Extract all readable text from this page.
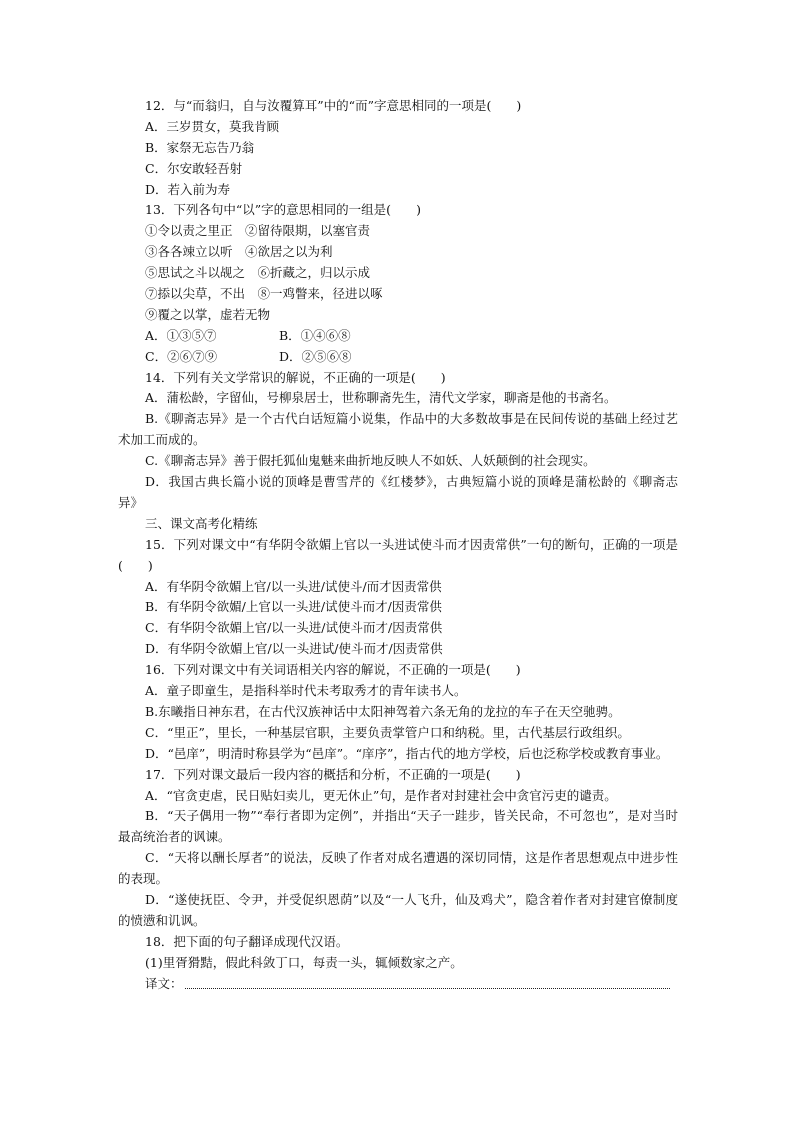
12．与“而翁归，自与汝覆算耳”中的“而”字意思相同的一项是(　　)
A．三岁贯女，莫我肯顾
B．家祭无忘告乃翁
C．尔安敢轻吾射
D．若入前为寿
13．下列各句中“以”字的意思相同的一组是(　　)
①令以责之里正　②留待限期，以塞官责
③各各竦立以听　④欲居之以为利
⑤思试之斗以觇之　⑥折藏之，归以示成
⑦掭以尖草，不出　⑧一鸡瞥来，径进以啄
⑨覆之以掌，虚若无物
A．①③⑤⑦	B．①④⑥⑧
C．②⑥⑦⑨	D．②⑤⑥⑧
14．下列有关文学常识的解说，不正确的一项是(　　)
A．蒲松龄，字留仙，号柳泉居士，世称聊斋先生，清代文学家，聊斋是他的书斋名。
B.《聊斋志异》是一个古代白话短篇小说集，作品中的大多数故事是在民间传说的基础上经过艺术加工而成的。
C.《聊斋志异》善于假托狐仙鬼魅来曲折地反映人不如妖、人妖颠倒的社会现实。
D．我国古典长篇小说的顶峰是曹雪芹的《红楼梦》，古典短篇小说的顶峰是蒲松龄的《聊斋志异》
三、课文高考化精练
15．下列对课文中“有华阴令欲媚上官以一头进试使斗而才因责常供”一句的断句，正确的一项是(　　)
A．有华阴令欲媚上官/以一头进/试使斗/而才因责常供
B．有华阴令欲媚/上官以一头进/试使斗而才/因责常供
C．有华阴令欲媚上官/以一头进/试使斗而才/因责常供
D．有华阴令欲媚上官/以一头进试/使斗而才/因责常供
16．下列对课文中有关词语相关内容的解说，不正确的一项是(　　)
A．童子即童生，是指科举时代未考取秀才的青年读书人。
B.东曦指日神东君，在古代汉族神话中太阳神驾着六条无角的龙拉的车子在天空驰骋。
C．“里正”，里长，一种基层官职，主要负责掌管户口和纳税。里，古代基层行政组织。
D．“邑庠”，明清时称县学为“邑庠”。“庠序”，指古代的地方学校，后也泛称学校或教育事业。
17．下列对课文最后一段内容的概括和分析，不正确的一项是(　　)
A．“官贪吏虐，民日贴妇卖儿，更无休止”句，是作者对封建社会中贪官污吏的谴责。
B．“天子偶用一物”“奉行者即为定例”，并指出“天子一跬步，皆关民命，不可忽也”，是对当时最高统治者的讽谏。
C．“天将以酬长厚者”的说法，反映了作者对成名遭遇的深切同情，这是作者思想观点中进步性的表现。
D．“遂使抚臣、令尹，并受促织恩荫”以及“一人飞升，仙及鸡犬”，隐含着作者对封建官僚制度的愤懑和讥讽。
18．把下面的句子翻译成现代汉语。
(1)里胥猾黠，假此科敛丁口，每责一头，辄倾数家之产。
译文：
